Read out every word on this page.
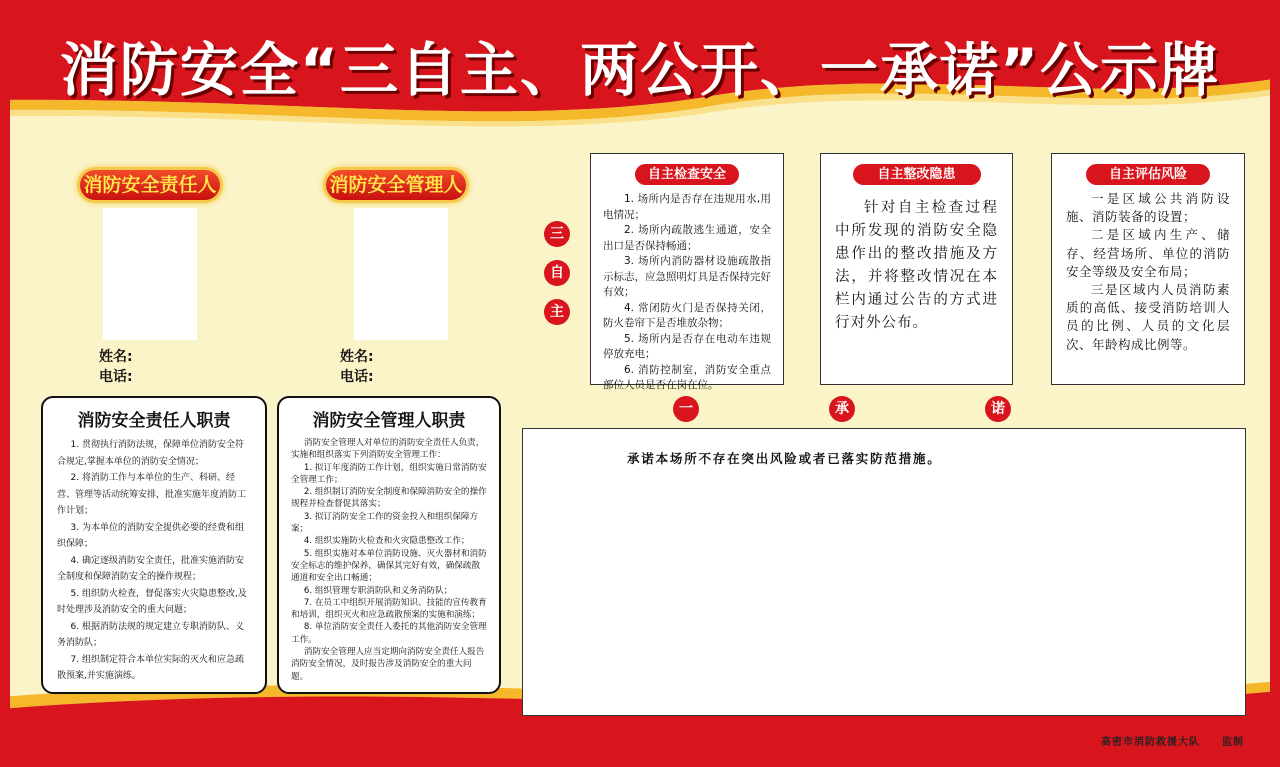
消防安全“三自主、两公开、一承诺”公示牌
消防安全责任人
姓名:
电话:
消防安全管理人
姓名:
电话:
消防安全责任人职责
1. 贯彻执行消防法规，保障单位消防安全符合规定,掌握本单位的消防安全情况；
2. 将消防工作与本单位的生产、科研、经营、管理等活动统筹安排，批准实施年度消防工作计划；
3. 为本单位的消防安全提供必要的经费和组织保障；
4. 确定逐级消防安全责任，批准实施消防安全制度和保障消防安全的操作规程；
5. 组织防火检查，督促落实火灾隐患整改,及时处理涉及消防安全的重大问题；
6. 根据消防法规的规定建立专职消防队、义务消防队；
7. 组织制定符合本单位实际的灭火和应急疏散预案,并实施演练。
消防安全管理人职责
消防安全管理人对单位的消防安全责任人负责，实施和组织落实下列消防安全管理工作：
1. 拟订年度消防工作计划，组织实施日常消防安全管理工作；
2. 组织制订消防安全制度和保障消防安全的操作规程并检查督促其落实；
3. 拟订消防安全工作的资金投入和组织保障方案；
4. 组织实施防火检查和火灾隐患整改工作；
5. 组织实施对本单位消防设施、灭火器材和消防安全标志的维护保养，确保其完好有效，确保疏散通道和安全出口畅通；
6. 组织管理专职消防队和义务消防队；
7. 在员工中组织开展消防知识、技能的宣传教育和培训，组织灭火和应急疏散预案的实施和演练；
8. 单位消防安全责任人委托的其他消防安全管理工作。
消防安全管理人应当定期向消防安全责任人报告消防安全情况，及时报告涉及消防安全的重大问题。
三
自
主
自主检查安全
1. 场所内是否存在违规用水,用电情况；
2. 场所内疏散逃生通道，安全出口是否保持畅通；
3. 场所内消防器材设施疏散指示标志，应急照明灯具是否保持完好有效；
4. 常闭防火门是否保持关闭，防火卷帘下是否堆放杂物；
5. 场所内是否存在电动车违规停放充电；
6. 消防控制室，消防安全重点部位人员是否在岗在位。
自主整改隐患
针对自主检查过程中所发现的消防安全隐患作出的整改措施及方法，并将整改情况在本栏内通过公告的方式进行对外公布。
自主评估风险
一是区域公共消防设施、消防装备的设置；
二是区域内生产、储存、经营场所、单位的消防安全等级及安全布局；
三是区域内人员消防素质的高低、接受消防培训人员的比例、人员的文化层次、年龄构成比例等。
一	承	诺
承诺本场所不存在突出风险或者已落实防范措施。
高密市消防救援大队 监制
